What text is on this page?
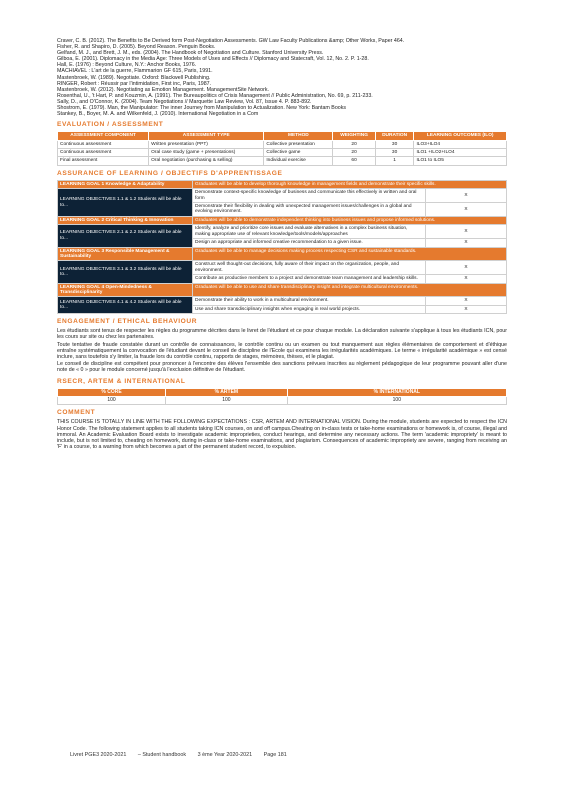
Craver, C. B. (2012). The Benefits to Be Derived form Post-Negotiation Assessments. GW Law Faculty Publications &amp; Other Works, Paper 464.
Fisher, R. and Shapiro, D. (2005). Beyond Reason. Penguin Books.
Gelfand, M. J., and Brett, J. M., eds. (2004). The Handbook of Negotiation and Culture. Stanford University Press.
Gilboa, E. (2001). Diplomacy in the Media Age: Three Models of Uses and Effects // Diplomacy and Statecraft, Vol. 12, No. 2. P. 1-28.
Hall, E. (1976) : Beyond Culture, N.Y.: Anchor Books, 1976.
MACHIAVEL : L'art de la guerre, Flammarion GF 615, Paris, 1991.
Mastenbroek, W. (1989). Negotiate. Oxford: Blackwell Publishing.
RINGER, Robert : Réussir par l'intimidation, First inc, Paris, 1987.
Mastenbroek, W. (2012). Negotiating as Emotion Management. ManagementSite Network.
Rosenthal, U., 't Hart, P. and Kouzmin, A. (1991). The Bureaupolitics of Crisis Management // Public Administration, No. 69, p. 211-233.
Sally, D., and O'Connor, K. (2004). Team Negotiations // Marquette Law Review, Vol. 87, Issue 4. P. 883-892.
Shostrom, E. (1979). Man, the Manipulator: The inner Journey from Manipulation to Actualization. New York: Bantam Books
Stankey, B., Boyer, M. A. and Wilkenfeld, J. (2010). International Negotiation in a Com
EVALUATION / ASSESSMENT
ASSESSMENT COMPONENT	ASSESSMENT TYPE	METHOD	WEIGHTING	DURATION	LEARNING OUTCOMES (ILO)
Continuous assessment	Written presentation (PPT)	Collective presentation	20	30	ILO3+ILO4
Continuous assessment	Oral case study (game + presentations)	Collective game	20	30	ILO1 +ILO2+ILO4
Final assessment	Oral negotiation (purchasing & selling)	Individual exercise	60	1	ILO1 to ILO5
ASSURANCE OF LEARNING / OBJECTIFS D'APPRENTISSAGE
LEARNING GOAL 1 Knowledge & Adaptability	Graduates will be able to develop thorough knowledge in management fields and demonstrate their specific skills.	
LEARNING OBJECTIVES 1.1 & 1.2 Students will be able to...	Demonstrate context-specific knowledge of business and communicate this effectively in written and oral form	X
	Demonstrate their flexibility in dealing with unexpected management issues/challenges in a global and evolving environment.	X
LEARNING GOAL 2 Critical Thinking & Innovation	Graduates will be able to demonstrate independent thinking into business issues and propose informed solutions.	
LEARNING OBJECTIVES 2.1 & 2.2 Students will be able to...	Identify, analyze and prioritize core issues and evaluate alternatives in a complex business situation, making appropriate use of relevant knowledge/tools/models/approaches	X
	Design an appropriate and informed creative recommendation to a given issue.	X
LEARNING GOAL 3 Responsible Management & Sustainability	Graduates will be able to manage decisions making process respecting CSR and sustainable standards.	
LEARNING OBJECTIVES 3.1 & 3.2 Students will be able to...	Construct well thought-out decisions, fully aware of their impact on the organization, people, and environment.	X
	Contribute as productive members to a project and demonstrate team management and leadership skills.	X
LEARNING GOAL 4 Open-Mindedness & Transdisciplinarity	Graduates will be able to use and share transdisciplinary insight and integrate multicultural environments.	
LEARNING OBJECTIVES 4.1 & 4.2 Students will be able to...	Demonstrate their ability to work in a multicultural environment.	X
	Use and share transdisciplinary insights when engaging in real world projects.	X
ENGAGEMENT / ETHICAL BEHAVIOUR

Les étudiants sont tenus de respecter les règles du programme décrites dans le livret de l'étudiant et ce pour chaque module. La déclaration suivante s'applique à tous les étudiants ICN, pour les cours sur site ou chez les partenaires.

Toute tentative de fraude constatée durant un contrôle de connaissances, le contrôle continu ou un examen ou tout manquement aux règles élémentaires de comportement et d'éthique entraîne systématiquement la convocation de l'étudiant devant le conseil de discipline de l'Ecole qui examinera les irrégularités académiques. Le terme « irrégularité académique » est censé inclure, sans toutefois s'y limiter, la fraude lors du contrôle continu, rapports de stages, mémoires, thèses, et le plagiat.

Le conseil de discipline est compétent pour prononcer à l'encontre des élèves l'ensemble des sanctions prévues inscrites au règlement pédagogique de leur programme pouvant aller d'une note de « 0 » pour le module concerné jusqu'à l'exclusion définitive de l'étudiant.

RSECR, ARTEM & INTERNATIONAL
% CORE	% ARTEM	% INTERNATIONAL
100	100	100
COMMENT

THIS COURSE IS TOTALLY IN LINE WITH THE FOLLOWING EXPECTATIONS : CSR, ARTEM AND INTERNATIONAL VISION. During the module, students are expected to respect the ICN Honor Code. The following statement applies to all students taking ICN courses, on and off campus.Cheating on in-class tests or take-home examinations or homework is, of course, illegal and immoral. An Academic Evaluation Board exists to investigate academic improprieties, conduct hearings, and determine any necessary actions. The term 'academic impropriety' is meant to include, but is not limited to, cheating on homework, during in-class or take-home examinations, and plagiarism. Consequences of academic impropriety are severe, ranging from receiving an 'F' in a course, to a warning from which becomes a part of the permanent student record, to expulsion.

Livret PGE3 2020-2021 – Student handbook 3 ème Year 2020-2021 Page 181
